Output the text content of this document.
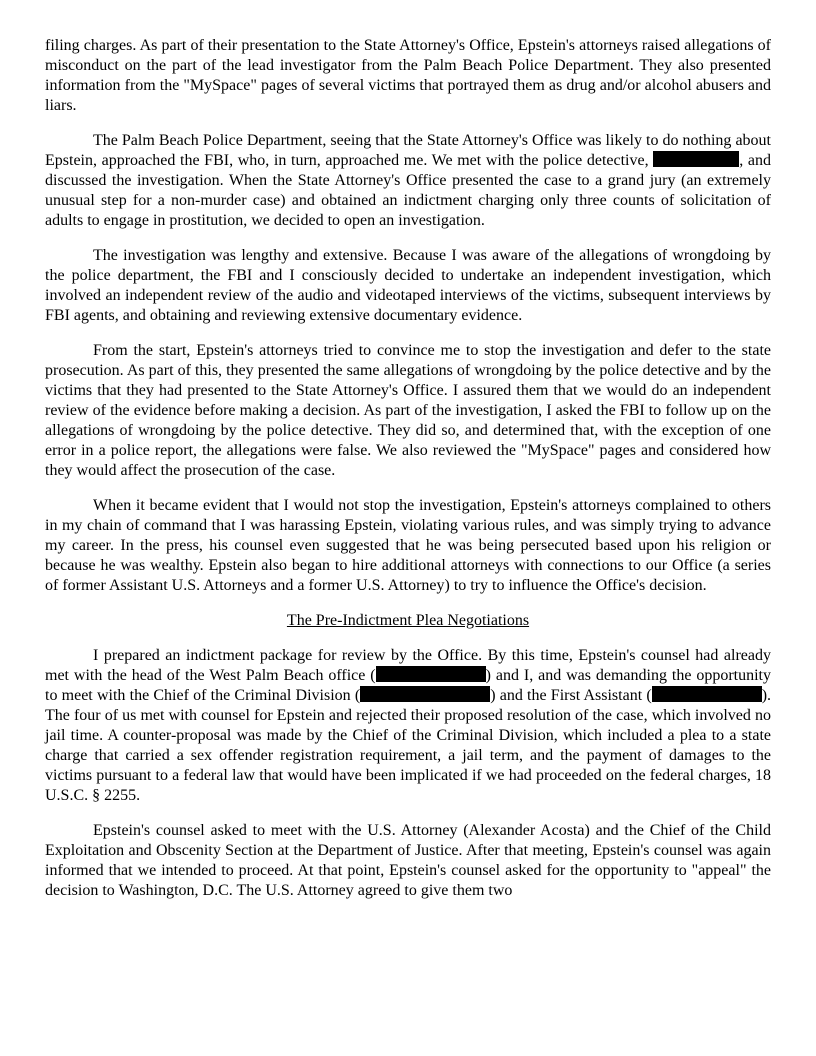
filing charges. As part of their presentation to the State Attorney's Office, Epstein's attorneys raised allegations of misconduct on the part of the lead investigator from the Palm Beach Police Department. They also presented information from the "MySpace" pages of several victims that portrayed them as drug and/or alcohol abusers and liars.

The Palm Beach Police Department, seeing that the State Attorney's Office was likely to do nothing about Epstein, approached the FBI, who, in turn, approached me. We met with the police detective,	, and discussed the investigation. When the State Attorney's Office presented the case to a grand jury (an extremely unusual step for a non-murder case) and obtained an indictment charging only three counts of solicitation of adults to engage in prostitution, we decided to open an investigation.

The investigation was lengthy and extensive. Because I was aware of the allegations of wrongdoing by the police department, the FBI and I consciously decided to undertake an independent investigation, which involved an independent review of the audio and videotaped interviews of the victims, subsequent interviews by FBI agents, and obtaining and reviewing extensive documentary evidence.

From the start, Epstein's attorneys tried to convince me to stop the investigation and defer to the state prosecution. As part of this, they presented the same allegations of wrongdoing by the police detective and by the victims that they had presented to the State Attorney's Office. I assured them that we would do an independent review of the evidence before making a decision. As part of the investigation, I asked the FBI to follow up on the allegations of wrongdoing by the police detective. They did so, and determined that, with the exception of one error in a police report, the allegations were false. We also reviewed the "MySpace" pages and considered how they would affect the prosecution of the case.

When it became evident that I would not stop the investigation, Epstein's attorneys complained to others in my chain of command that I was harassing Epstein, violating various rules, and was simply trying to advance my career. In the press, his counsel even suggested that he was being persecuted based upon his religion or because he was wealthy. Epstein also began to hire additional attorneys with connections to our Office (a series of former Assistant U.S. Attorneys and a former U.S. Attorney) to try to influence the Office's decision.

The Pre-Indictment Plea Negotiations

I prepared an indictment package for review by the Office. By this time, Epstein's counsel had already met with the head of the West Palm Beach office (	) and I, and was demanding the opportunity to meet with the Chief of the Criminal Division (	) and the First Assistant (	). The four of us met with counsel for Epstein and rejected their proposed resolution of the case, which involved no jail time. A counter-proposal was made by the Chief of the Criminal Division, which included a plea to a state charge that carried a sex offender registration requirement, a jail term, and the payment of damages to the victims pursuant to a federal law that would have been implicated if we had proceeded on the federal charges, 18 U.S.C. § 2255.

Epstein's counsel asked to meet with the U.S. Attorney (Alexander Acosta) and the Chief of the Child Exploitation and Obscenity Section at the Department of Justice. After that meeting, Epstein's counsel was again informed that we intended to proceed. At that point, Epstein's counsel asked for the opportunity to "appeal" the decision to Washington, D.C. The U.S. Attorney agreed to give them two
